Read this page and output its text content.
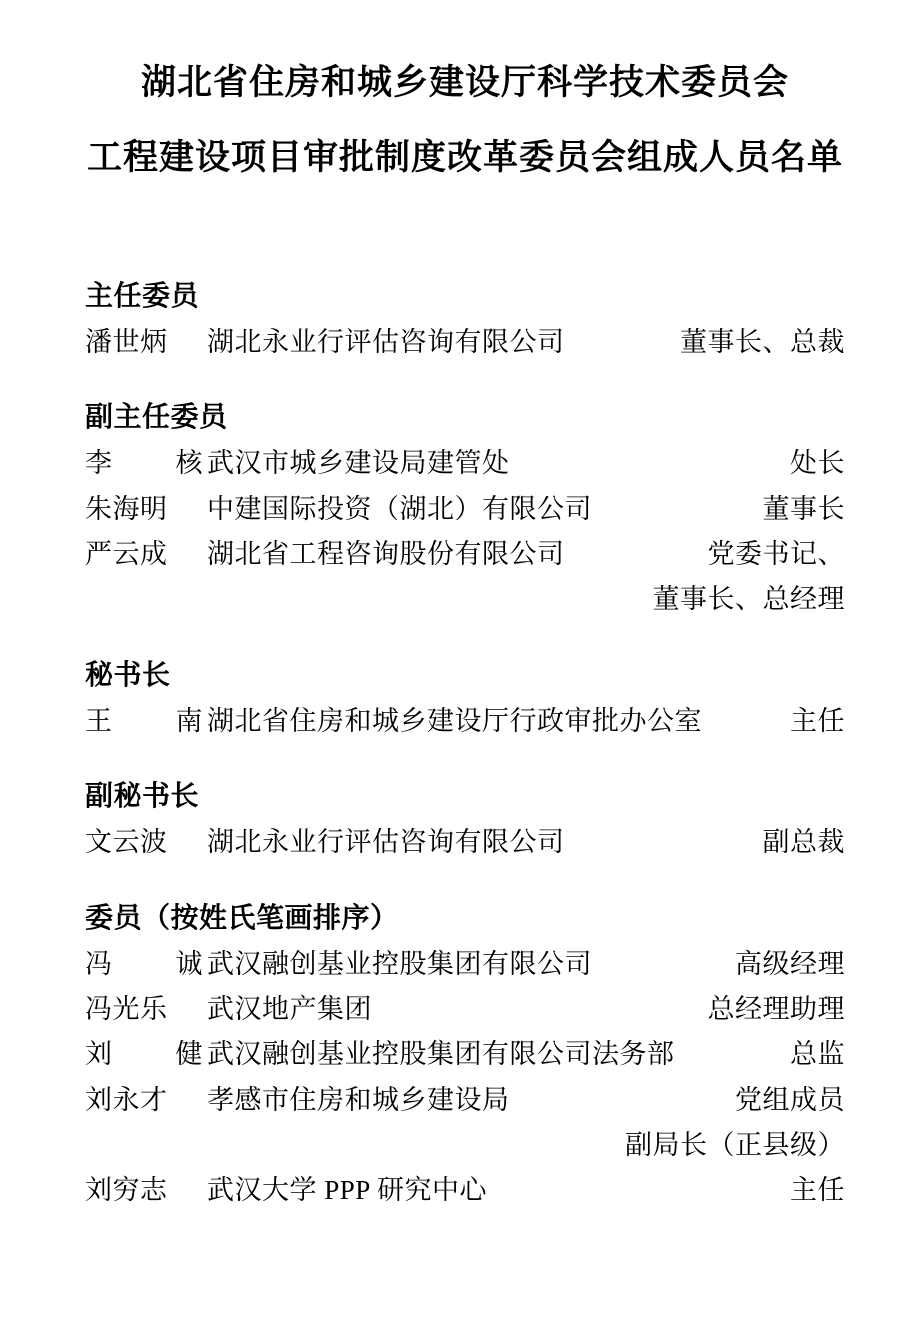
湖北省住房和城乡建设厅科学技术委员会
工程建设项目审批制度改革委员会组成人员名单
主任委员
潘世炳	湖北永业行评估咨询有限公司	董事长、总裁
副主任委员
李 核 武汉市城乡建设局建管处	处长
朱海明	中建国际投资（湖北）有限公司	董事长
严云成	湖北省工程咨询股份有限公司	党委书记、
董事长、总经理
秘书长
王 南 湖北省住房和城乡建设厅行政审批办公室	主任
副秘书长
文云波	湖北永业行评估咨询有限公司	副总裁
委员（按姓氏笔画排序）
冯 诚 武汉融创基业控股集团有限公司	高级经理
冯光乐	武汉地产集团	总经理助理
刘 健 武汉融创基业控股集团有限公司法务部	总监
刘永才	孝感市住房和城乡建设局	党组成员
副局长（正县级）
刘穷志	武汉大学 PPP 研究中心	主任
